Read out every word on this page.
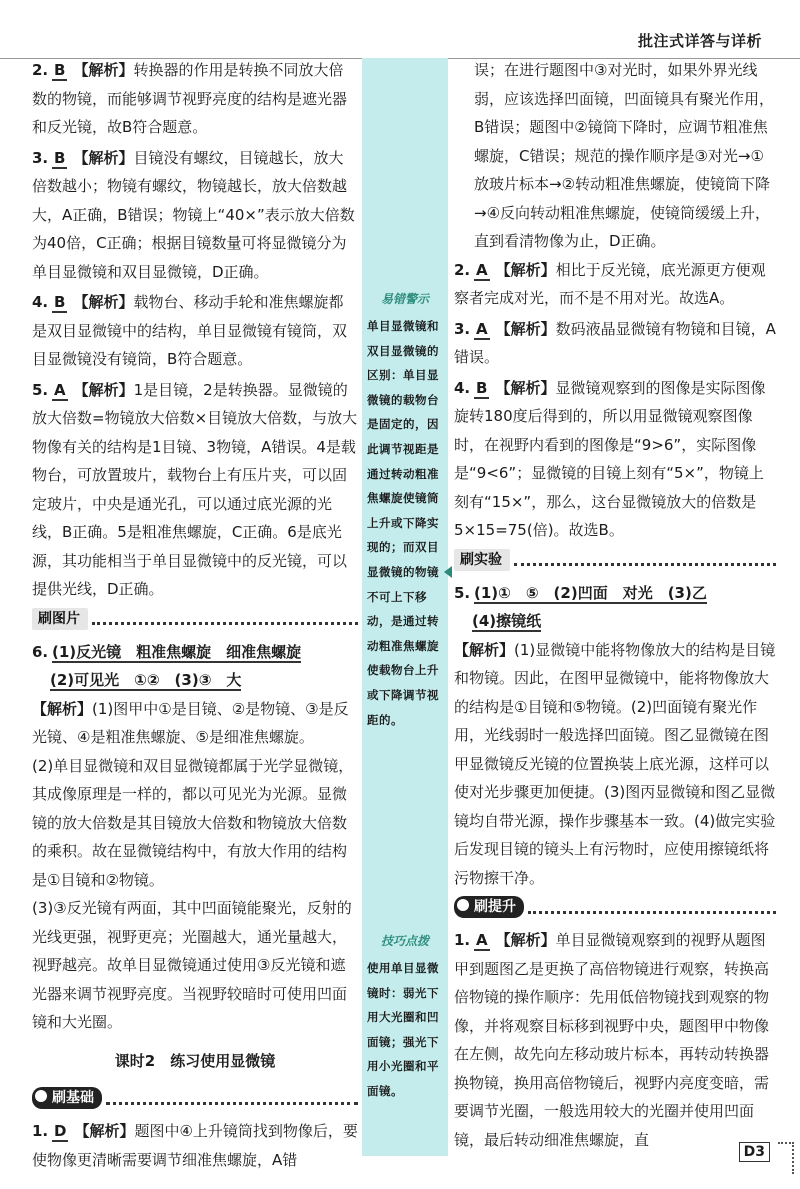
批注式详答与详析
2. B 【解析】转换器的作用是转换不同放大倍数的物镜，而能够调节视野亮度的结构是遮光器和反光镜，故B符合题意。
3. B 【解析】目镜没有螺纹，目镜越长，放大倍数越小；物镜有螺纹，物镜越长，放大倍数越大，A正确，B错误；物镜上“40×”表示放大倍数为40倍，C正确；根据目镜数量可将显微镜分为单目显微镜和双目显微镜，D正确。
4. B 【解析】载物台、移动手轮和准焦螺旋都是双目显微镜中的结构，单目显微镜有镜筒，双目显微镜没有镜筒，B符合题意。
5. A 【解析】1是目镜，2是转换器。显微镜的放大倍数=物镜放大倍数×目镜放大倍数，与放大物像有关的结构是1目镜、3物镜，A错误。4是载物台，可放置玻片，载物台上有压片夹，可以固定玻片，中央是通光孔，可以通过底光源的光线，B正确。5是粗准焦螺旋，C正确。6是底光源，其功能相当于单目显微镜中的反光镜，可以提供光线，D正确。
刷图片
6. (1)反光镜　粗准焦螺旋　细准焦螺旋
(2)可见光　①②　(3)③　大

【解析】(1)图甲中①是目镜、②是物镜、③是反光镜、④是粗准焦螺旋、⑤是细准焦螺旋。

(2)单目显微镜和双目显微镜都属于光学显微镜，其成像原理是一样的，都以可见光为光源。显微镜的放大倍数是其目镜放大倍数和物镜放大倍数的乘积。故在显微镜结构中，有放大作用的结构是①目镜和②物镜。

(3)③反光镜有两面，其中凹面镜能聚光，反射的光线更强，视野更亮；光圈越大，通光量越大，视野越亮。故单目显微镜通过使用③反光镜和遮光器来调节视野亮度。当视野较暗时可使用凹面镜和大光圈。

课时2　练习使用显微镜
刷基础
1. D 【解析】题图中④上升镜筒找到物像后，要使物像更清晰需要调节细准焦螺旋，A错
易错警示
单目显微镜和双目显微镜的区别：单目显微镜的载物台是固定的，因此调节视距是通过转动粗准焦螺旋使镜筒上升或下降实现的；而双目显微镜的物镜不可上下移动，是通过转动粗准焦螺旋使载物台上升或下降调节视距的。
技巧点拨
使用单目显微镜时：弱光下用大光圈和凹面镜；强光下用小光圈和平面镜。

误；在进行题图中③对光时，如果外界光线弱，应该选择凹面镜，凹面镜具有聚光作用，B错误；题图中②镜筒下降时，应调节粗准焦螺旋，C错误；规范的操作顺序是③对光→①放玻片标本→②转动粗准焦螺旋，使镜筒下降→④反向转动粗准焦螺旋，使镜筒缓缓上升，直到看清物像为止，D正确。

2. A 【解析】相比于反光镜，底光源更方便观察者完成对光，而不是不用对光。故选A。
3. A 【解析】数码液晶显微镜有物镜和目镜，A错误。
4. B 【解析】显微镜观察到的图像是实际图像旋转180度后得到的，所以用显微镜观察图像时，在视野内看到的图像是“9>6”，实际图像是“9<6”；显微镜的目镜上刻有“5×”，物镜上刻有“15×”，那么，这台显微镜放大的倍数是5×15=75(倍)。故选B。
刷实验
5. (1)①　⑤　(2)凹面　对光　(3)乙
(4)擦镜纸

【解析】(1)显微镜中能将物像放大的结构是目镜和物镜。因此，在图甲显微镜中，能将物像放大的结构是①目镜和⑤物镜。(2)凹面镜有聚光作用，光线弱时一般选择凹面镜。图乙显微镜在图甲显微镜反光镜的位置换装上底光源，这样可以使对光步骤更加便捷。(3)图丙显微镜和图乙显微镜均自带光源，操作步骤基本一致。(4)做完实验后发现目镜的镜头上有污物时，应使用擦镜纸将污物擦干净。

刷提升
1. A 【解析】单目显微镜观察到的视野从题图甲到题图乙是更换了高倍物镜进行观察，转换高倍物镜的操作顺序：先用低倍物镜找到观察的物像，并将观察目标移到视野中央，题图甲中物像在左侧，故先向左移动玻片标本，再转动转换器换物镜，换用高倍物镜后，视野内亮度变暗，需要调节光圈，一般选用较大的光圈并使用凹面镜，最后转动细准焦螺旋，直
D3
